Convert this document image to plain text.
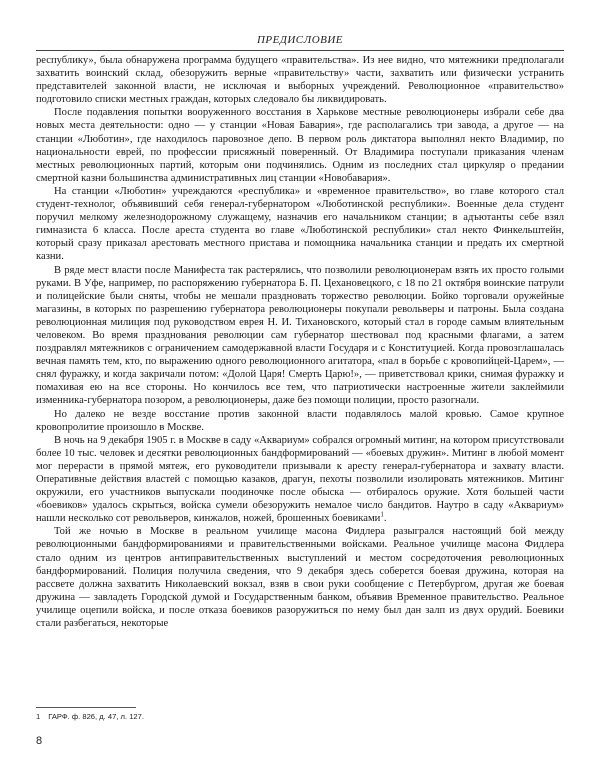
ПРЕДИСЛОВИЕ

республику», была обнаружена программа будущего «правительства». Из нее видно, что мятежники предполагали захватить воинский склад, обезоружить верные «правительству» части, захватить или физически устранить представителей законной власти, не исключая и выборных учреждений. Революционное «правительство» подготовило списки местных граждан, которых следовало бы ликвидировать.

После подавления попытки вооруженного восстания в Харькове местные революционеры избрали себе два новых места деятельности: одно — у станции «Новая Бавария», где располагались три завода, а другое — на станции «Люботин», где находилось паровозное депо. В первом роль диктатора выполнял некто Владимир, по национальности еврей, по профессии присяжный поверенный. От Владимира поступали приказания членам местных революционных партий, которым они подчинялись. Одним из последних стал циркуляр о предании смертной казни большинства административных лиц станции «Новобавария».

На станции «Люботин» учреждаются «республика» и «временное правительство», во главе которого стал студент-технолог, объявивший себя генерал-губернатором «Люботинской республики». Военные дела студент поручил мелкому железнодорожному служащему, назначив его начальником станции; в адъютанты себе взял гимназиста 6 класса. После ареста студента во главе «Люботинской республики» стал некто Финкельштейн, который сразу приказал арестовать местного пристава и помощника начальника станции и предать их смертной казни.

В ряде мест власти после Манифеста так растерялись, что позволили революционерам взять их просто голыми руками. В Уфе, например, по распоряжению губернатора Б. П. Цехановецкого, с 18 по 21 октября воинские патрули и полицейские были сняты, чтобы не мешали праздновать торжество революции. Бойко торговали оружейные магазины, в которых по разрешению губернатора революционеры покупали револьверы и патроны. Была создана революционная милиция под руководством еврея Н. И. Тихановского, который стал в городе самым влиятельным человеком. Во время празднования революции сам губернатор шествовал под красными флагами, а затем поздравлял мятежников с ограничением самодержавной власти Государя и с Конституцией. Когда провозглашалась вечная память тем, кто, по выражению одного революционного агитатора, «пал в борьбе с кровопийцей-Царем», — снял фуражку, и когда закричали потом: «Долой Царя! Смерть Царю!», — приветствовал крики, снимая фуражку и помахивая ею на все стороны. Но кончилось все тем, что патриотически настроенные жители заклеймили изменника-губернатора позором, а революционеры, даже без помощи полиции, просто разогнали.

Но далеко не везде восстание против законной власти подавлялось малой кровью. Самое крупное кровопролитие произошло в Москве.

В ночь на 9 декабря 1905 г. в Москве в саду «Аквариум» собрался огромный митинг, на котором присутствовали более 10 тыс. человек и десятки революционных бандформирований — «боевых дружин». Митинг в любой момент мог перерасти в прямой мятеж, его руководители призывали к аресту генерал-губернатора и захвату власти. Оперативные действия властей с помощью казаков, драгун, пехоты позволили изолировать мятежников. Митинг окружили, его участников выпускали поодиночке после обыска — отбиралось оружие. Хотя большей части «боевиков» удалось скрыться, войска сумели обезоружить немалое число бандитов. Наутро в саду «Аквариум» нашли несколько сот револьверов, кинжалов, ножей, брошенных боевиками$^1$.

Той же ночью в Москве в реальном училище масона Фидлера разыгрался настоящий бой между революционными бандформированиями и правительственными войсками. Реальное училище масона Фидлера стало одним из центров антиправительственных выступлений и местом сосредоточения революционных бандформирований. Полиция получила сведения, что 9 декабря здесь соберется боевая дружина, которая на рассвете должна захватить Николаевский вокзал, взяв в свои руки сообщение с Петербургом, другая же боевая дружина — завладеть Городской думой и Государственным банком, объявив Временное правительство. Реальное училище оцепили войска, и после отказа боевиков разоружиться по нему был дан залп из двух орудий. Боевики стали разбегаться, некоторые

1 ГАРФ. ф. 826, д. 47, л. 127.
8
